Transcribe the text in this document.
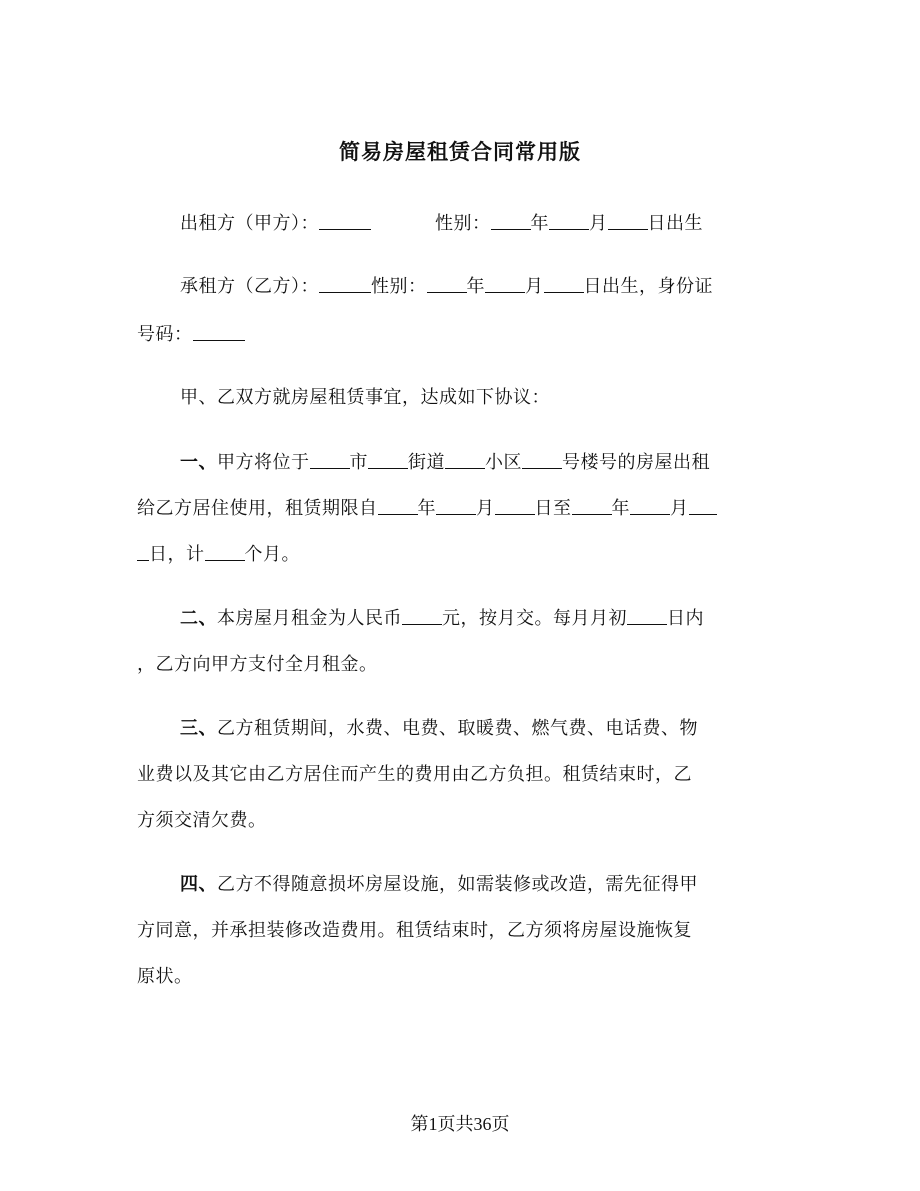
简易房屋租赁合同常用版
出租方（甲方）：	性别： 年 月 日出生
承租方（乙方）：	性别： 年 月 日出生，身份证
号码：
甲、乙双方就房屋租赁事宜，达成如下协议：
一、甲方将位于 市 街道 小区 号楼号的房屋出租
给乙方居住使用，租赁期限自 年 月 日至 年 月
日，计 个月。
二、本房屋月租金为人民币 元，按月交。每月月初 日内
，乙方向甲方支付全月租金。
三、乙方租赁期间，水费、电费、取暖费、燃气费、电话费、物
业费以及其它由乙方居住而产生的费用由乙方负担。租赁结束时，乙
方须交清欠费。
四、乙方不得随意损坏房屋设施，如需装修或改造，需先征得甲
方同意，并承担装修改造费用。租赁结束时，乙方须将房屋设施恢复
原状。
第1页共36页
